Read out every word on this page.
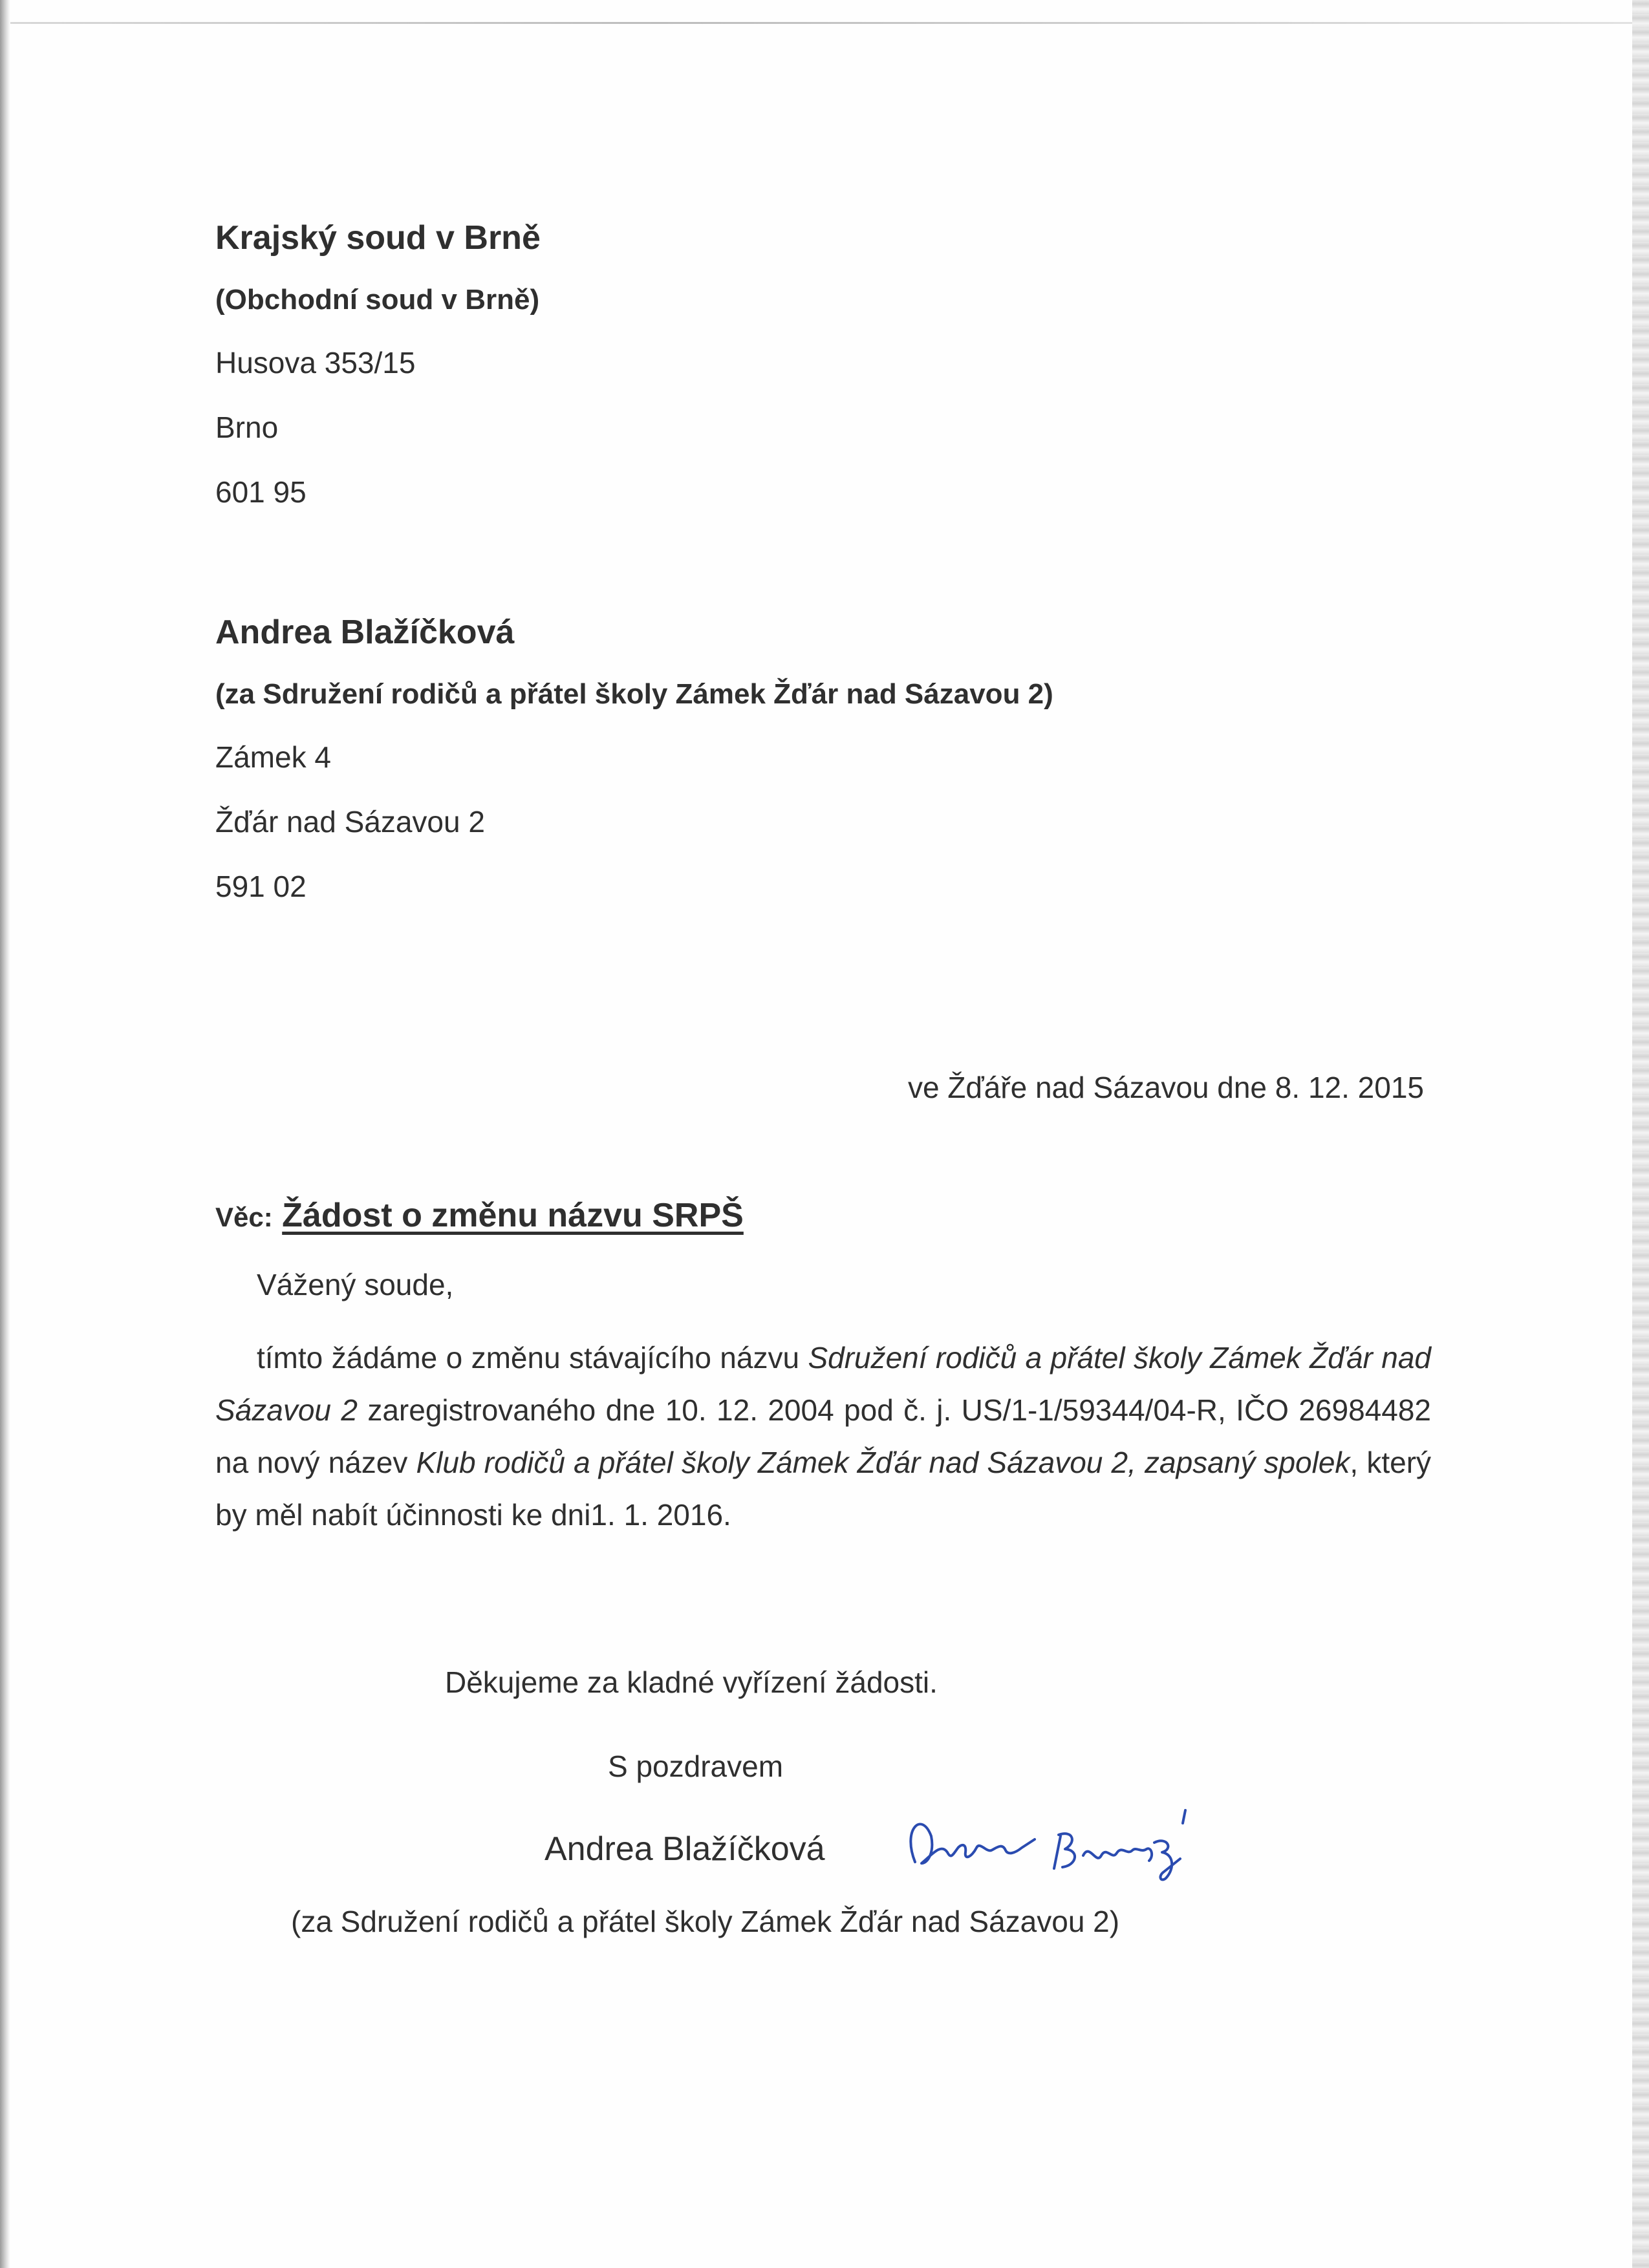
Krajský soud v Brně

(Obchodní soud v Brně)

Husova 353/15

Brno

601 95

Andrea Blažíčková

(za Sdružení rodičů a přátel školy Zámek Žďár nad Sázavou 2)

Zámek 4

Žďár nad Sázavou 2

591 02

ve Žďáře nad Sázavou dne 8. 12. 2015
Věc: Žádost o změnu názvu SRPŠ
Vážený soude,
tímto žádáme o změnu stávajícího názvu Sdružení rodičů a přátel školy Zámek Žďár nad Sázavou 2 zaregistrovaného dne 10. 12. 2004 pod č. j. US/1-1/59344/04-R, IČO 26984482 na nový název Klub rodičů a přátel školy Zámek Žďár nad Sázavou 2, zapsaný spolek, který by měl nabít účinnosti ke dni1. 1. 2016.
Děkujeme za kladné vyřízení žádosti.
S pozdravem
Andrea Blažíčková
(za Sdružení rodičů a přátel školy Zámek Žďár nad Sázavou 2)
